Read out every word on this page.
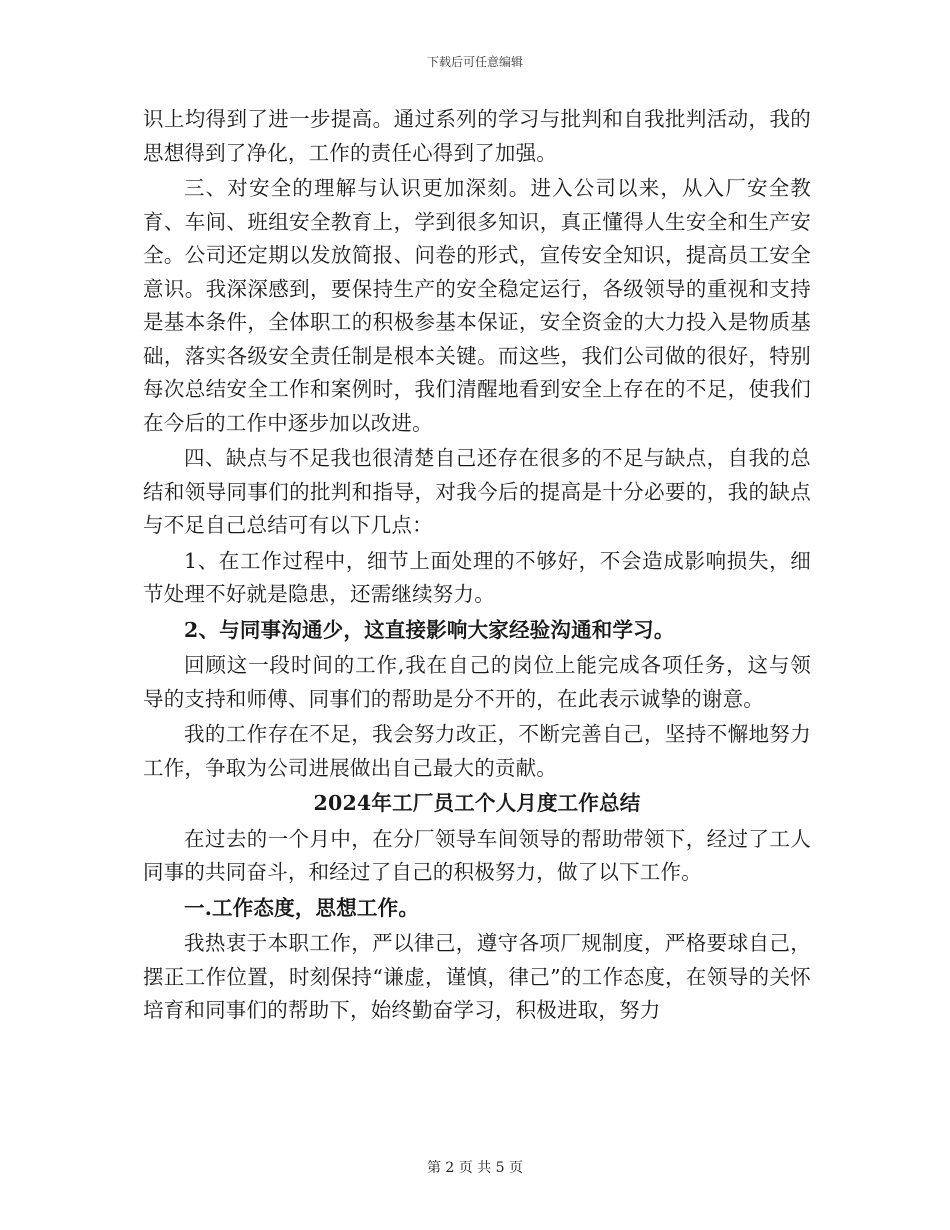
下载后可任意编辑

识上均得到了进一步提高。通过系列的学习与批判和自我批判活动，我的思想得到了净化，工作的责任心得到了加强。

三、对安全的理解与认识更加深刻。进入公司以来，从入厂安全教育、车间、班组安全教育上，学到很多知识，真正懂得人生安全和生产安全。公司还定期以发放简报、问卷的形式，宣传安全知识，提高员工安全意识。我深深感到，要保持生产的安全稳定运行，各级领导的重视和支持是基本条件，全体职工的积极参基本保证，安全资金的大力投入是物质基础，落实各级安全责任制是根本关键。而这些，我们公司做的很好，特别每次总结安全工作和案例时，我们清醒地看到安全上存在的不足，使我们在今后的工作中逐步加以改进。

四、缺点与不足我也很清楚自己还存在很多的不足与缺点，自我的总结和领导同事们的批判和指导，对我今后的提高是十分必要的，我的缺点与不足自己总结可有以下几点：

1、在工作过程中，细节上面处理的不够好，不会造成影响损失，细节处理不好就是隐患，还需继续努力。

2、与同事沟通少，这直接影响大家经验沟通和学习。

回顾这一段时间的工作,我在自己的岗位上能完成各项任务，这与领导的支持和师傅、同事们的帮助是分不开的，在此表示诚挚的谢意。

我的工作存在不足，我会努力改正，不断完善自己，坚持不懈地努力工作，争取为公司进展做出自己最大的贡献。

2024年工厂员工个人月度工作总结

在过去的一个月中，在分厂领导车间领导的帮助带领下，经过了工人同事的共同奋斗，和经过了自己的积极努力，做了以下工作。

一.工作态度，思想工作。

我热衷于本职工作，严以律己，遵守各项厂规制度，严格要球自己，摆正工作位置，时刻保持“谦虚，谨慎，律己”的工作态度，在领导的关怀培育和同事们的帮助下，始终勤奋学习，积极进取，努力

第 2 页 共 5 页
